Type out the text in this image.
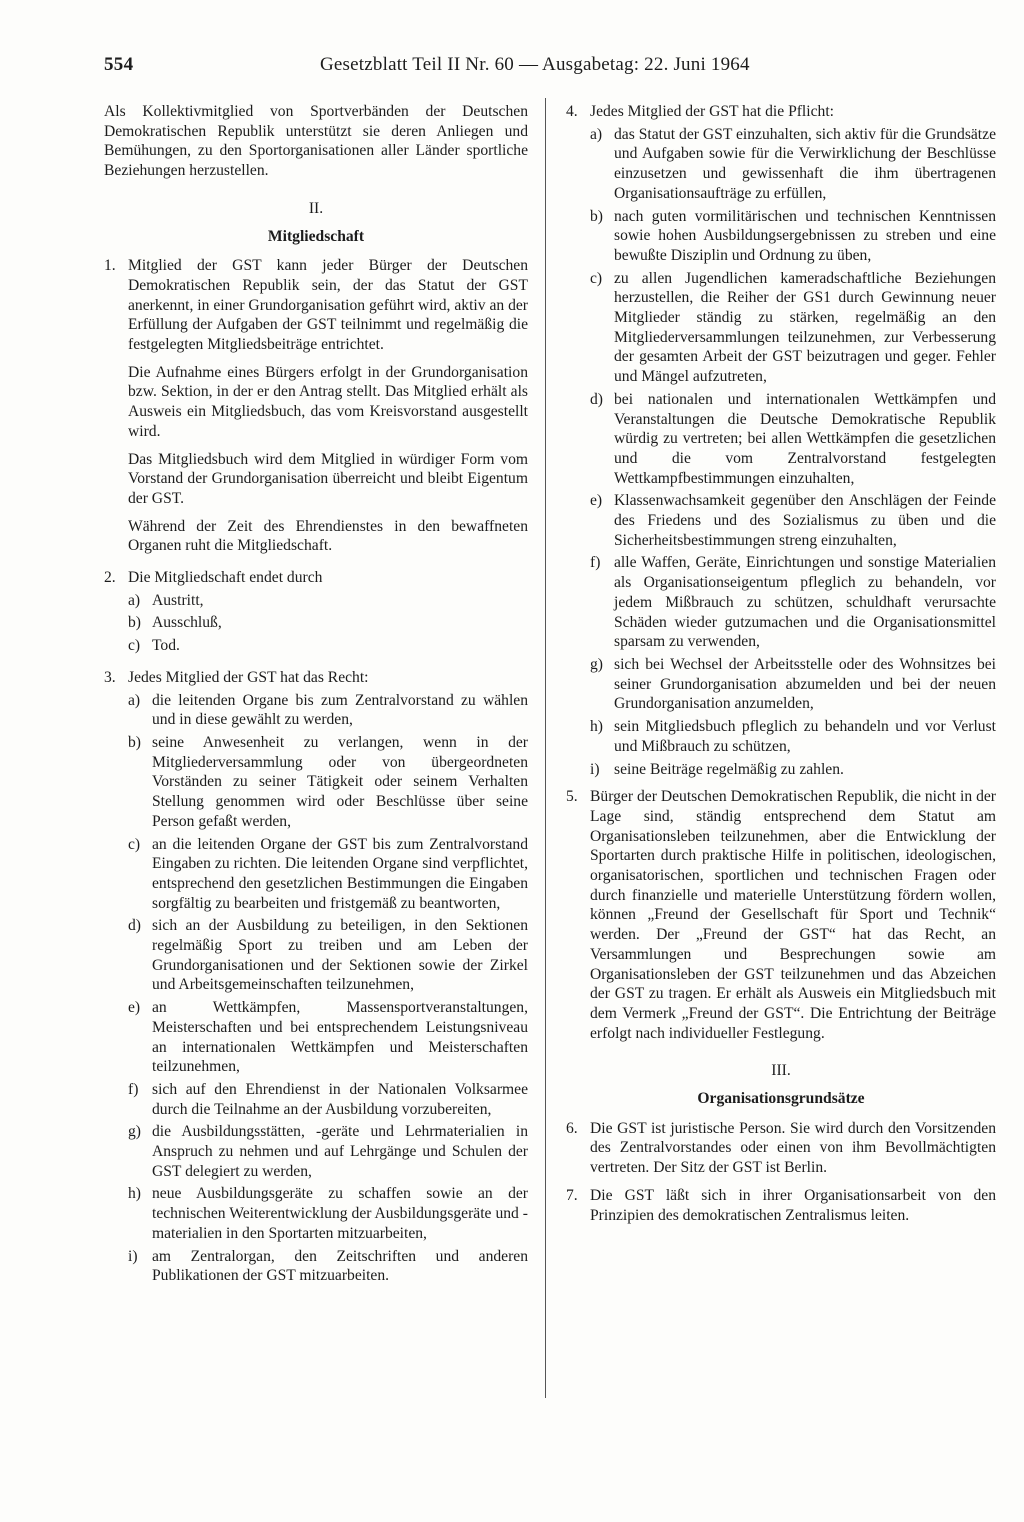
554	Gesetzblatt Teil II Nr. 60 — Ausgabetag: 22. Juni 1964

Als Kollektivmitglied von Sportverbänden der Deutschen Demokratischen Republik unterstützt sie deren Anliegen und Bemühungen, zu den Sportorganisationen aller Länder sportliche Beziehungen herzustellen.

II.
Mitgliedschaft
1. Mitglied der GST kann jeder Bürger der Deutschen Demokratischen Republik sein, der das Statut der GST anerkennt, in einer Grundorganisation geführt wird, aktiv an der Erfüllung der Aufgaben der GST teilnimmt und regelmäßig die festgelegten Mitgliedsbeiträge entrichtet.

Die Aufnahme eines Bürgers erfolgt in der Grundorganisation bzw. Sektion, in der er den Antrag stellt. Das Mitglied erhält als Ausweis ein Mitgliedsbuch, das vom Kreisvorstand ausgestellt wird.

Das Mitgliedsbuch wird dem Mitglied in würdiger Form vom Vorstand der Grundorganisation überreicht und bleibt Eigentum der GST.

Während der Zeit des Ehrendienstes in den bewaffneten Organen ruht die Mitgliedschaft.

2. Die Mitgliedschaft endet durch

a) Austritt,
b) Ausschluß,
c) Tod.
3. Jedes Mitglied der GST hat das Recht:

a) die leitenden Organe bis zum Zentralvorstand zu wählen und in diese gewählt zu werden,
b) seine Anwesenheit zu verlangen, wenn in der Mitgliederversammlung oder von übergeordneten Vorständen zu seiner Tätigkeit oder seinem Verhalten Stellung genommen wird oder Beschlüsse über seine Person gefaßt werden,
c) an die leitenden Organe der GST bis zum Zentralvorstand Eingaben zu richten. Die leitenden Organe sind verpflichtet, entsprechend den gesetzlichen Bestimmungen die Eingaben sorgfältig zu bearbeiten und fristgemäß zu beantworten,
d) sich an der Ausbildung zu beteiligen, in den Sektionen regelmäßig Sport zu treiben und am Leben der Grundorganisationen und der Sektionen sowie der Zirkel und Arbeitsgemeinschaften teilzunehmen,
e) an Wettkämpfen, Massensportveranstaltungen, Meisterschaften und bei entsprechendem Leistungsniveau an internationalen Wettkämpfen und Meisterschaften teilzunehmen,
f) sich auf den Ehrendienst in der Nationalen Volksarmee durch die Teilnahme an der Ausbildung vorzubereiten,
g) die Ausbildungsstätten, -geräte und Lehrmaterialien in Anspruch zu nehmen und auf Lehrgänge und Schulen der GST delegiert zu werden,
h) neue Ausbildungsgeräte zu schaffen sowie an der technischen Weiterentwicklung der Ausbildungsgeräte und -materialien in den Sportarten mitzuarbeiten,
i) am Zentralorgan, den Zeitschriften und anderen Publikationen der GST mitzuarbeiten.
4. Jedes Mitglied der GST hat die Pflicht:

a) das Statut der GST einzuhalten, sich aktiv für die Grundsätze und Aufgaben sowie für die Verwirklichung der Beschlüsse einzusetzen und gewissenhaft die ihm übertragenen Organisationsaufträge zu erfüllen,
b) nach guten vormilitärischen und technischen Kenntnissen sowie hohen Ausbildungsergebnissen zu streben und eine bewußte Disziplin und Ordnung zu üben,
c) zu allen Jugendlichen kameradschaftliche Beziehungen herzustellen, die Reiher der GS1 durch Gewinnung neuer Mitglieder ständig zu stärken, regelmäßig an den Mitgliederversammlungen teilzunehmen, zur Verbesserung der gesamten Arbeit der GST beizutragen und geger. Fehler und Mängel aufzutreten,
d) bei nationalen und internationalen Wettkämpfen und Veranstaltungen die Deutsche Demokratische Republik würdig zu vertreten; bei allen Wettkämpfen die gesetzlichen und die vom Zentralvorstand festgelegten Wettkampfbestimmungen einzuhalten,
e) Klassenwachsamkeit gegenüber den Anschlägen der Feinde des Friedens und des Sozialismus zu üben und die Sicherheitsbestimmungen streng einzuhalten,
f) alle Waffen, Geräte, Einrichtungen und sonstige Materialien als Organisationseigentum pfleglich zu behandeln, vor jedem Mißbrauch zu schützen, schuldhaft verursachte Schäden wieder gutzumachen und die Organisationsmittel sparsam zu verwenden,
g) sich bei Wechsel der Arbeitsstelle oder des Wohnsitzes bei seiner Grundorganisation abzumelden und bei der neuen Grundorganisation anzumelden,
h) sein Mitgliedsbuch pfleglich zu behandeln und vor Verlust und Mißbrauch zu schützen,
i) seine Beiträge regelmäßig zu zahlen.
5. Bürger der Deutschen Demokratischen Republik, die nicht in der Lage sind, ständig entsprechend dem Statut am Organisationsleben teilzunehmen, aber die Entwicklung der Sportarten durch praktische Hilfe in politischen, ideologischen, organisatorischen, sportlichen und technischen Fragen oder durch finanzielle und materielle Unterstützung fördern wollen, können „Freund der Gesellschaft für Sport und Technik“ werden. Der „Freund der GST“ hat das Recht, an Versammlungen und Besprechungen sowie am Organisationsleben der GST teilzunehmen und das Abzeichen der GST zu tragen. Er erhält als Ausweis ein Mitgliedsbuch mit dem Vermerk „Freund der GST“. Die Entrichtung der Beiträge erfolgt nach individueller Festlegung.

III.
Organisationsgrundsätze
6. Die GST ist juristische Person. Sie wird durch den Vorsitzenden des Zentralvorstandes oder einen von ihm Bevollmächtigten vertreten. Der Sitz der GST ist Berlin.

7. Die GST läßt sich in ihrer Organisationsarbeit von den Prinzipien des demokratischen Zentralismus leiten.
